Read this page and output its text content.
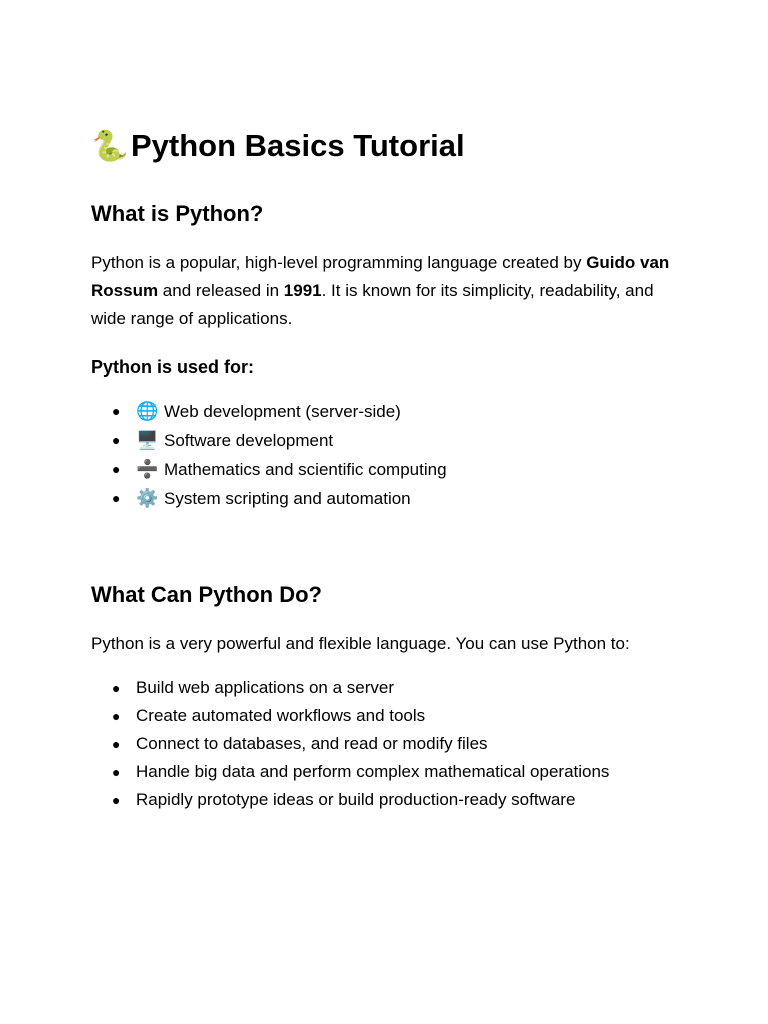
🐍Python Basics Tutorial
What is Python?

Python is a popular, high-level programming language created by Guido van Rossum and released in 1991. It is known for its simplicity, readability, and wide range of applications.

Python is used for:

● 🌐 Web development (server-side)
● 🖥️ Software development
● ➗ Mathematics and scientific computing
● ⚙️ System scripting and automation
What Can Python Do?

Python is a very powerful and flexible language. You can use Python to:

● Build web applications on a server
● Create automated workflows and tools
● Connect to databases, and read or modify files
● Handle big data and perform complex mathematical operations
● Rapidly prototype ideas or build production-ready software
